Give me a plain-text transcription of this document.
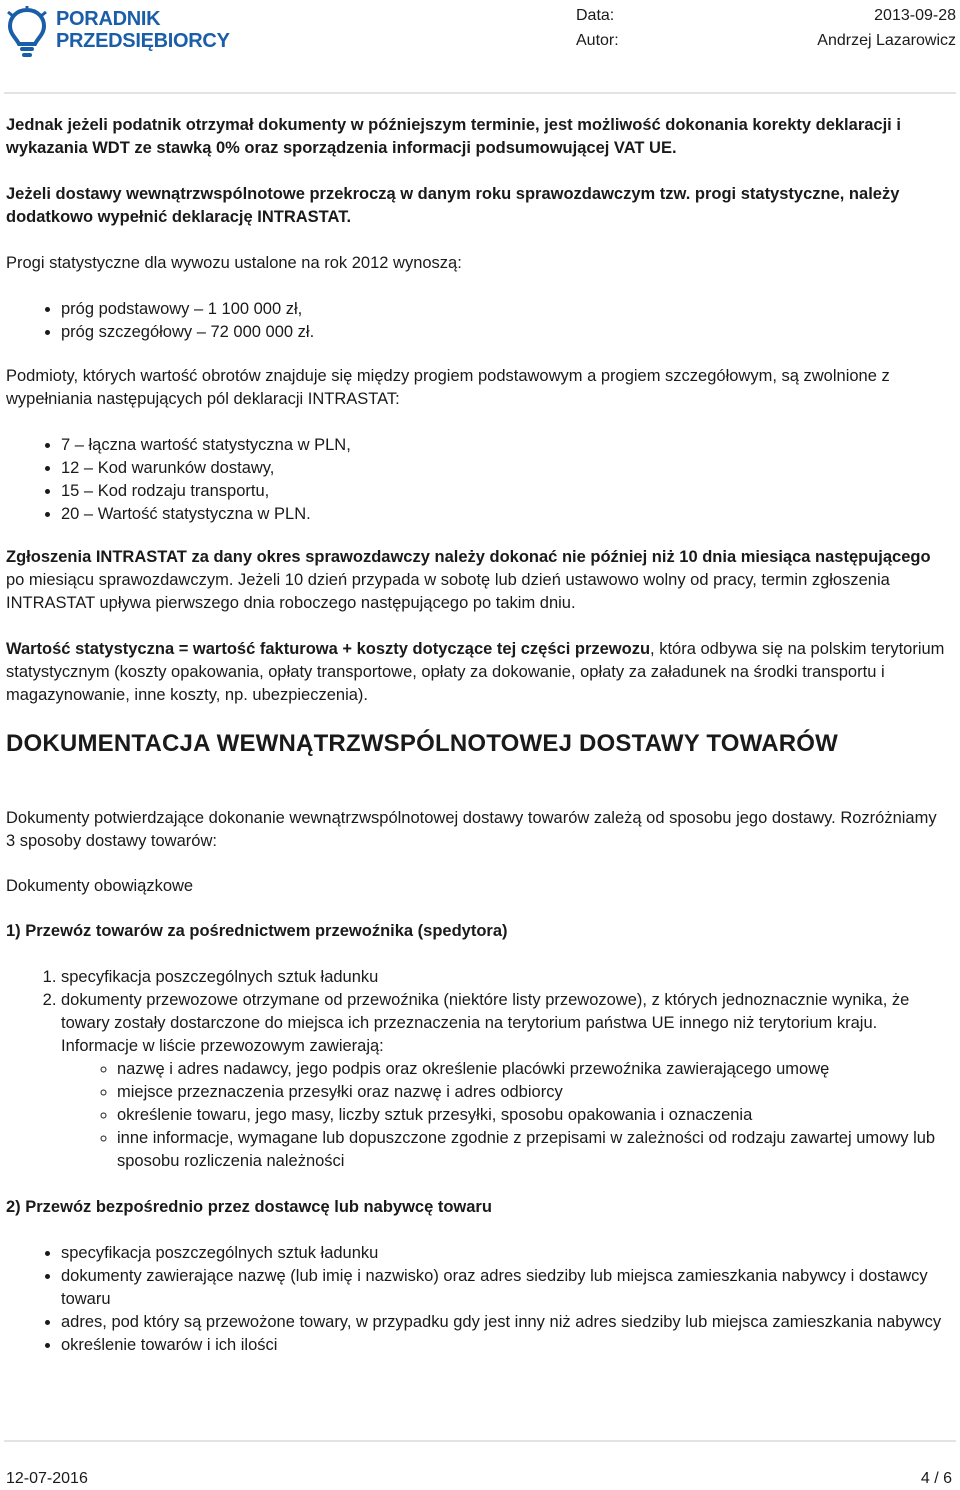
PORADNIK
PRZEDSIĘBIORCY
Data:	2013-09-28
Autor:	Andrzej Lazarowicz

Jednak jeżeli podatnik otrzymał dokumenty w późniejszym terminie, jest możliwość dokonania korekty deklaracji i wykazania WDT ze stawką 0% oraz sporządzenia informacji podsumowującej VAT UE.

Jeżeli dostawy wewnątrzwspólnotowe przekroczą w danym roku sprawozdawczym tzw. progi statystyczne, należy dodatkowo wypełnić deklarację INTRASTAT.

Progi statystyczne dla wywozu ustalone na rok 2012 wynoszą:

• próg podstawowy – 1 100 000 zł,
• próg szczegółowy – 72 000 000 zł.

Podmioty, których wartość obrotów znajduje się między progiem podstawowym a progiem szczegółowym, są zwolnione z wypełniania następujących pól deklaracji INTRASTAT:

• 7 – łączna wartość statystyczna w PLN,
• 12 – Kod warunków dostawy,
• 15 – Kod rodzaju transportu,
• 20 – Wartość statystyczna w PLN.

Zgłoszenia INTRASTAT za dany okres sprawozdawczy należy dokonać nie później niż 10 dnia miesiąca następującego po miesiącu sprawozdawczym. Jeżeli 10 dzień przypada w sobotę lub dzień ustawowo wolny od pracy, termin zgłoszenia INTRASTAT upływa pierwszego dnia roboczego następującego po takim dniu.

Wartość statystyczna = wartość fakturowa + koszty dotyczące tej części przewozu, która odbywa się na polskim terytorium statystycznym (koszty opakowania, opłaty transportowe, opłaty za dokowanie, opłaty za załadunek na środki transportu i magazynowanie, inne koszty, np. ubezpieczenia).

DOKUMENTACJA WEWNĄTRZWSPÓLNOTOWEJ DOSTAWY TOWARÓW

Dokumenty potwierdzające dokonanie wewnątrzwspólnotowej dostawy towarów zależą od sposobu jego dostawy. Rozróżniamy 3 sposoby dostawy towarów:

Dokumenty obowiązkowe

1) Przewóz towarów za pośrednictwem przewoźnika (spedytora)

1. specyfikacja poszczególnych sztuk ładunku
2. dokumenty przewozowe otrzymane od przewoźnika (niektóre listy przewozowe), z których jednoznacznie wynika, że towary zostały dostarczone do miejsca ich przeznaczenia na terytorium państwa UE innego niż terytorium kraju. Informacje w liście przewozowym zawierają:
◦ nazwę i adres nadawcy, jego podpis oraz określenie placówki przewoźnika zawierającego umowę
◦ miejsce przeznaczenia przesyłki oraz nazwę i adres odbiorcy
◦ określenie towaru, jego masy, liczby sztuk przesyłki, sposobu opakowania i oznaczenia
◦ inne informacje, wymagane lub dopuszczone zgodnie z przepisami w zależności od rodzaju zawartej umowy lub sposobu rozliczenia należności

2) Przewóz bezpośrednio przez dostawcę lub nabywcę towaru

• specyfikacja poszczególnych sztuk ładunku
• dokumenty zawierające nazwę (lub imię i nazwisko) oraz adres siedziby lub miejsca zamieszkania nabywcy i dostawcy towaru
• adres, pod który są przewożone towary, w przypadku gdy jest inny niż adres siedziby lub miejsca zamieszkania nabywcy
• określenie towarów i ich ilości
12-07-2016	4 / 6
